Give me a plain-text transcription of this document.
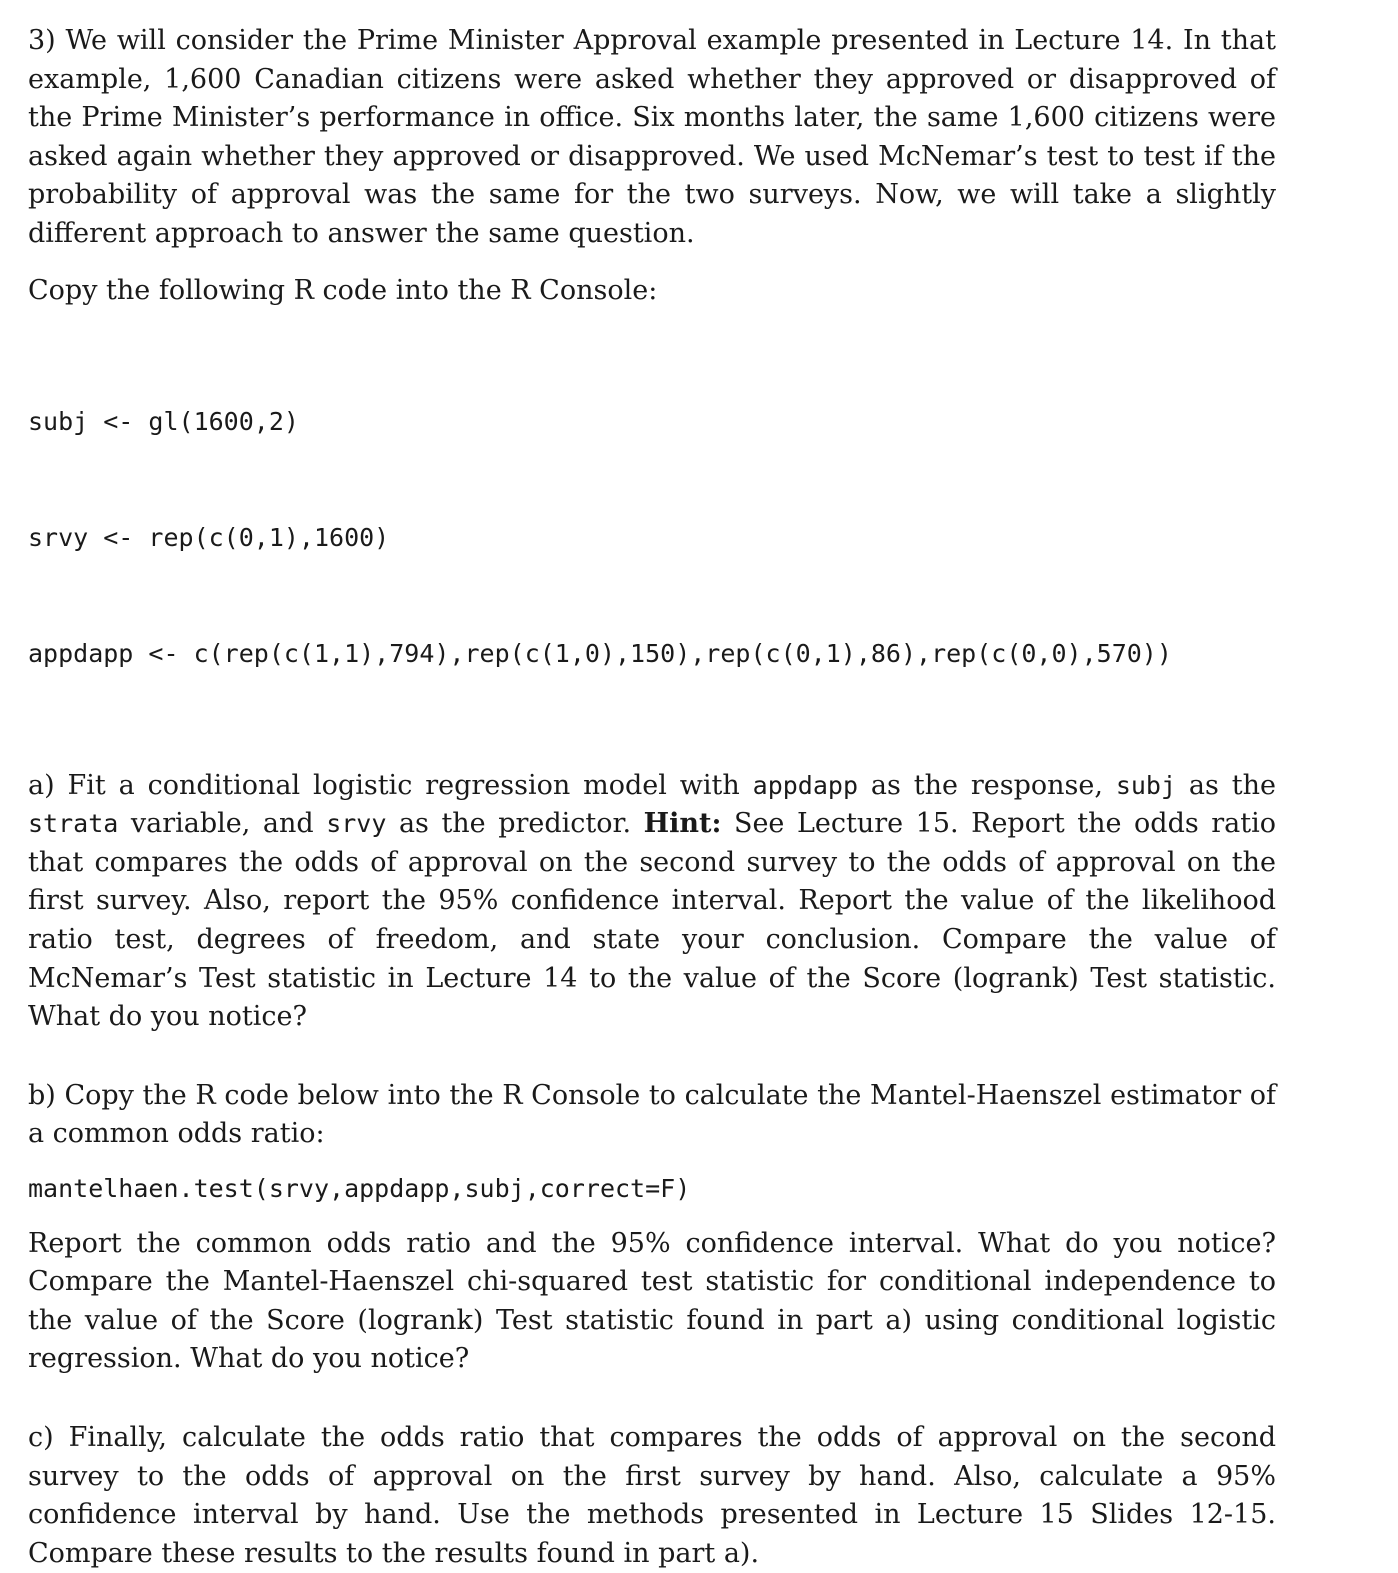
3) We will consider the Prime Minister Approval example presented in Lecture 14. In that example, 1,600 Canadian citizens were asked whether they approved or disapproved of the Prime Minister’s performance in office. Six months later, the same 1,600 citizens were asked again whether they approved or disapproved. We used McNemar’s test to test if the probability of approval was the same for the two surveys. Now, we will take a slightly different approach to answer the same question.

Copy the following R code into the R Console:

subj <- gl(1600,2)

srvy <- rep(c(0,1),1600)

appdapp <- c(rep(c(1,1),794),rep(c(1,0),150),rep(c(0,1),86),rep(c(0,0),570))

a) Fit a conditional logistic regression model with appdapp as the response, subj as the strata variable, and srvy as the predictor. Hint: See Lecture 15. Report the odds ratio that compares the odds of approval on the second survey to the odds of approval on the first survey. Also, report the 95% confidence interval. Report the value of the likelihood ratio test, degrees of freedom, and state your conclusion. Compare the value of McNemar’s Test statistic in Lecture 14 to the value of the Score (logrank) Test statistic. What do you notice?

b) Copy the R code below into the R Console to calculate the Mantel-Haenszel estimator of a common odds ratio:

mantelhaen.test(srvy,appdapp,subj,correct=F)

Report the common odds ratio and the 95% confidence interval. What do you notice? Compare the Mantel-Haenszel chi-squared test statistic for conditional independence to the value of the Score (logrank) Test statistic found in part a) using conditional logistic regression. What do you notice?

c) Finally, calculate the odds ratio that compares the odds of approval on the second survey to the odds of approval on the first survey by hand. Also, calculate a 95% confidence interval by hand. Use the methods presented in Lecture 15 Slides 12-15. Compare these results to the results found in part a).
